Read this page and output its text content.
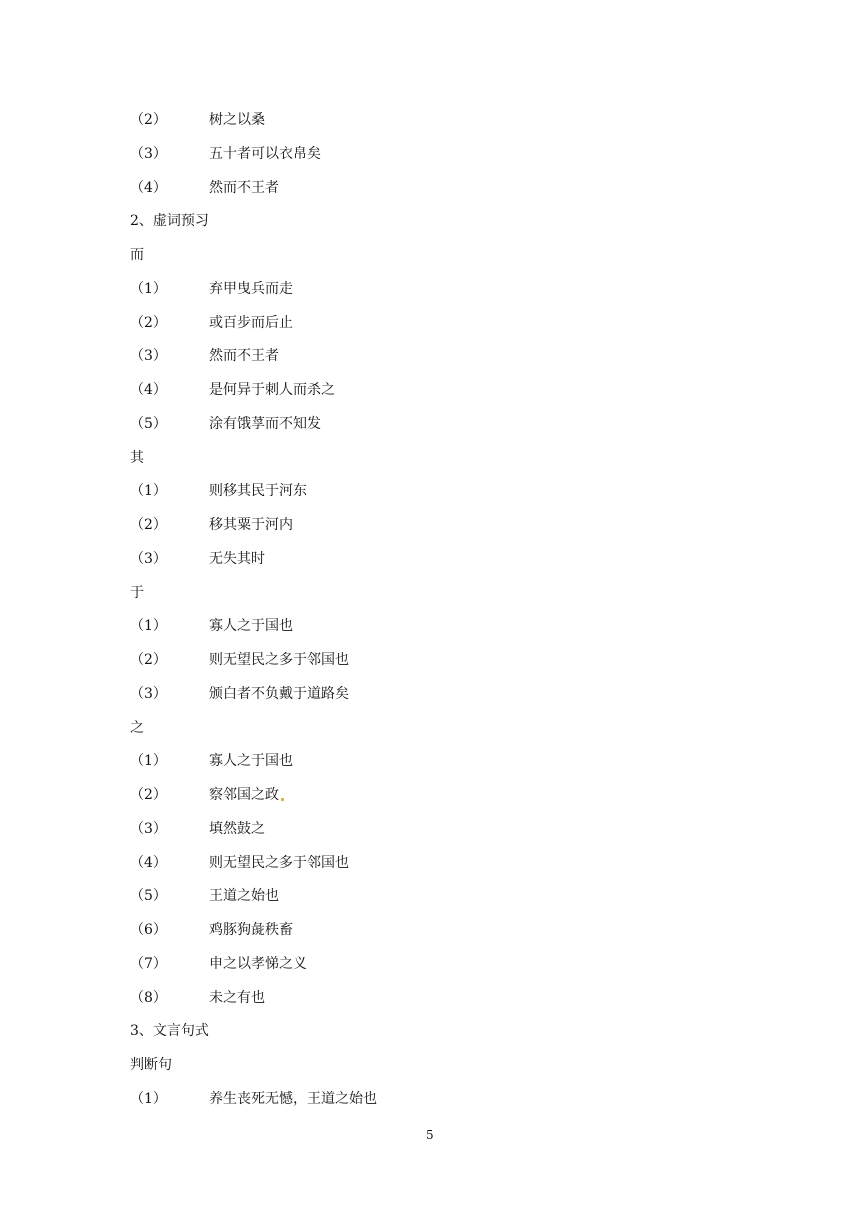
（2）	树之以桑
（3）	五十者可以衣帛矣
（4）	然而不王者
2、虚词预习
而
（1）	弃甲曳兵而走
（2）	或百步而后止
（3）	然而不王者
（4）	是何异于刺人而杀之
（5）	涂有饿莩而不知发
其
（1）	则移其民于河东
（2）	移其粟于河内
（3）	无失其时
于
（1）	寡人之于国也
（2）	则无望民之多于邻国也
（3）	颁白者不负戴于道路矣
之
（1）	寡人之于国也
（2）	察邻国之政
（3）	填然鼓之
（4）	则无望民之多于邻国也
（5）	王道之始也
（6）	鸡豚狗彘秩畜
（7）	申之以孝悌之义
（8）	未之有也
3、文言句式
判断句
（1）	养生丧死无憾，王道之始也
5
